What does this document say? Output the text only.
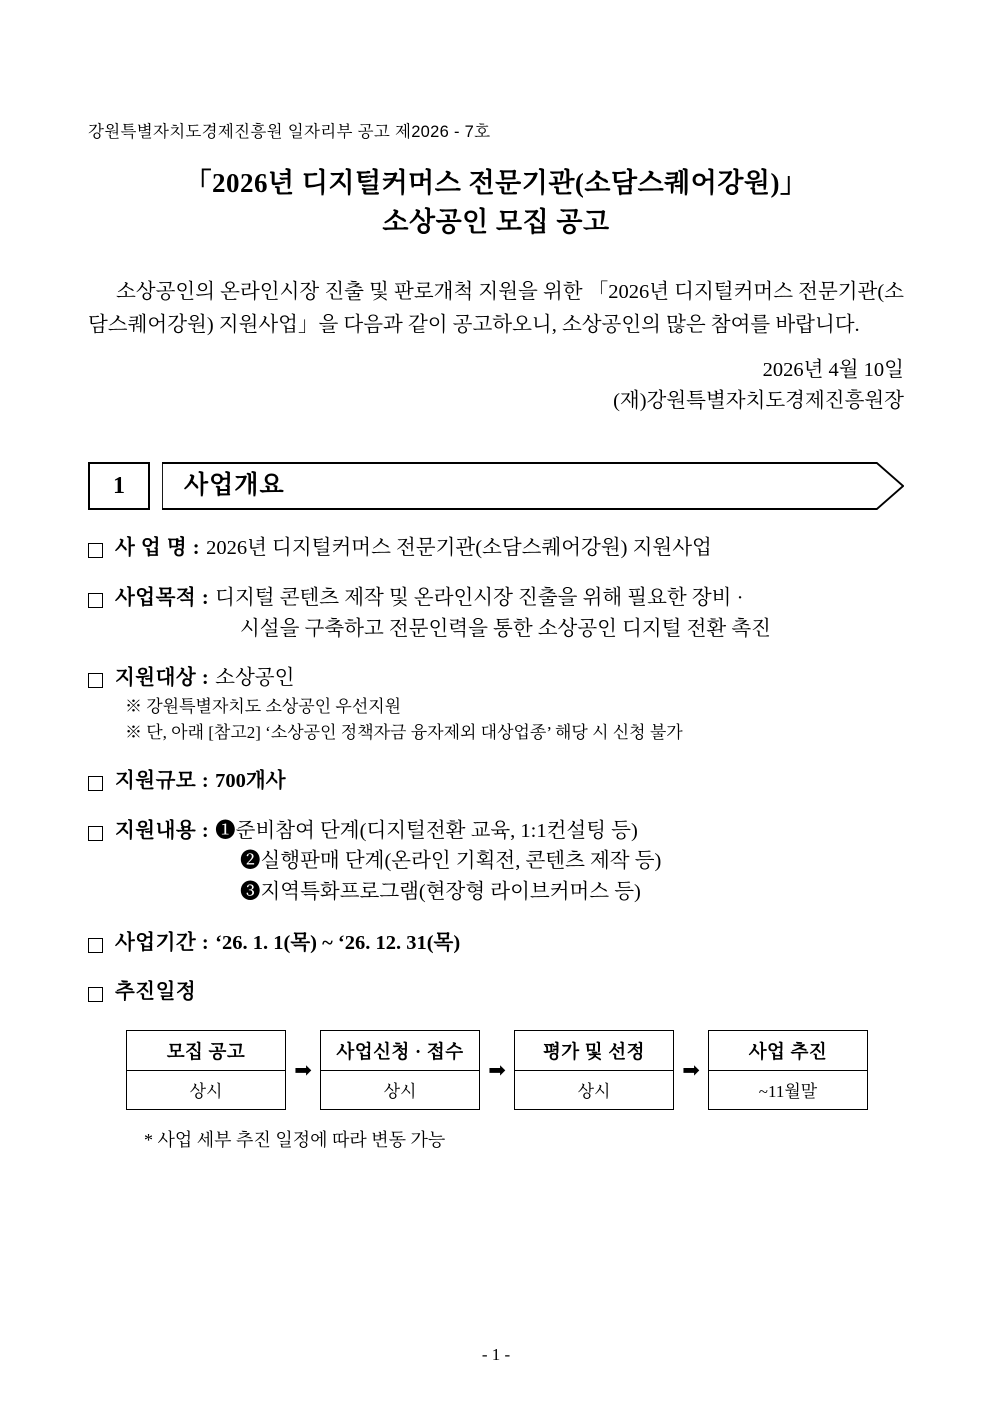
강원특별자치도경제진흥원 일자리부 공고 제2026 - 7호
「2026년 디지털커머스 전문기관(소담스퀘어강원)」
소상공인 모집 공고
소상공인의 온라인시장 진출 및 판로개척 지원을 위한 「2026년 디지털커머스 전문기관(소담스퀘어강원) 지원사업」을 다음과 같이 공고하오니, 소상공인의 많은 참여를 바랍니다.
2026년 4월 10일
(재)강원특별자치도경제진흥원장
1	사업개요
사 업 명 : 2026년 디지털커머스 전문기관(소담스퀘어강원) 지원사업
사업목적 : 디지털 콘텐츠 제작 및 온라인시장 진출을 위해 필요한 장비 ·
시설을 구축하고 전문인력을 통한 소상공인 디지털 전환 촉진
지원대상 : 소상공인
※ 강원특별자치도 소상공인 우선지원
※ 단, 아래 [참고2] ‘소상공인 정책자금 융자제외 대상업종’ 해당 시 신청 불가
지원규모 : 700개사
지원내용 : ❶준비참여 단계(디지털전환 교육, 1:1컨설팅 등)
❷실행판매 단계(온라인 기획전, 콘텐츠 제작 등)
❸지역특화프로그램(현장형 라이브커머스 등)
사업기간 : ‘26. 1. 1(목) ~ ‘26. 12. 31(목)
추진일정
모집 공고
상시
➡
사업신청 · 접수
상시
➡
평가 및 선정
상시
➡
사업 추진
~11월말
* 사업 세부 추진 일정에 따라 변동 가능
- 1 -
